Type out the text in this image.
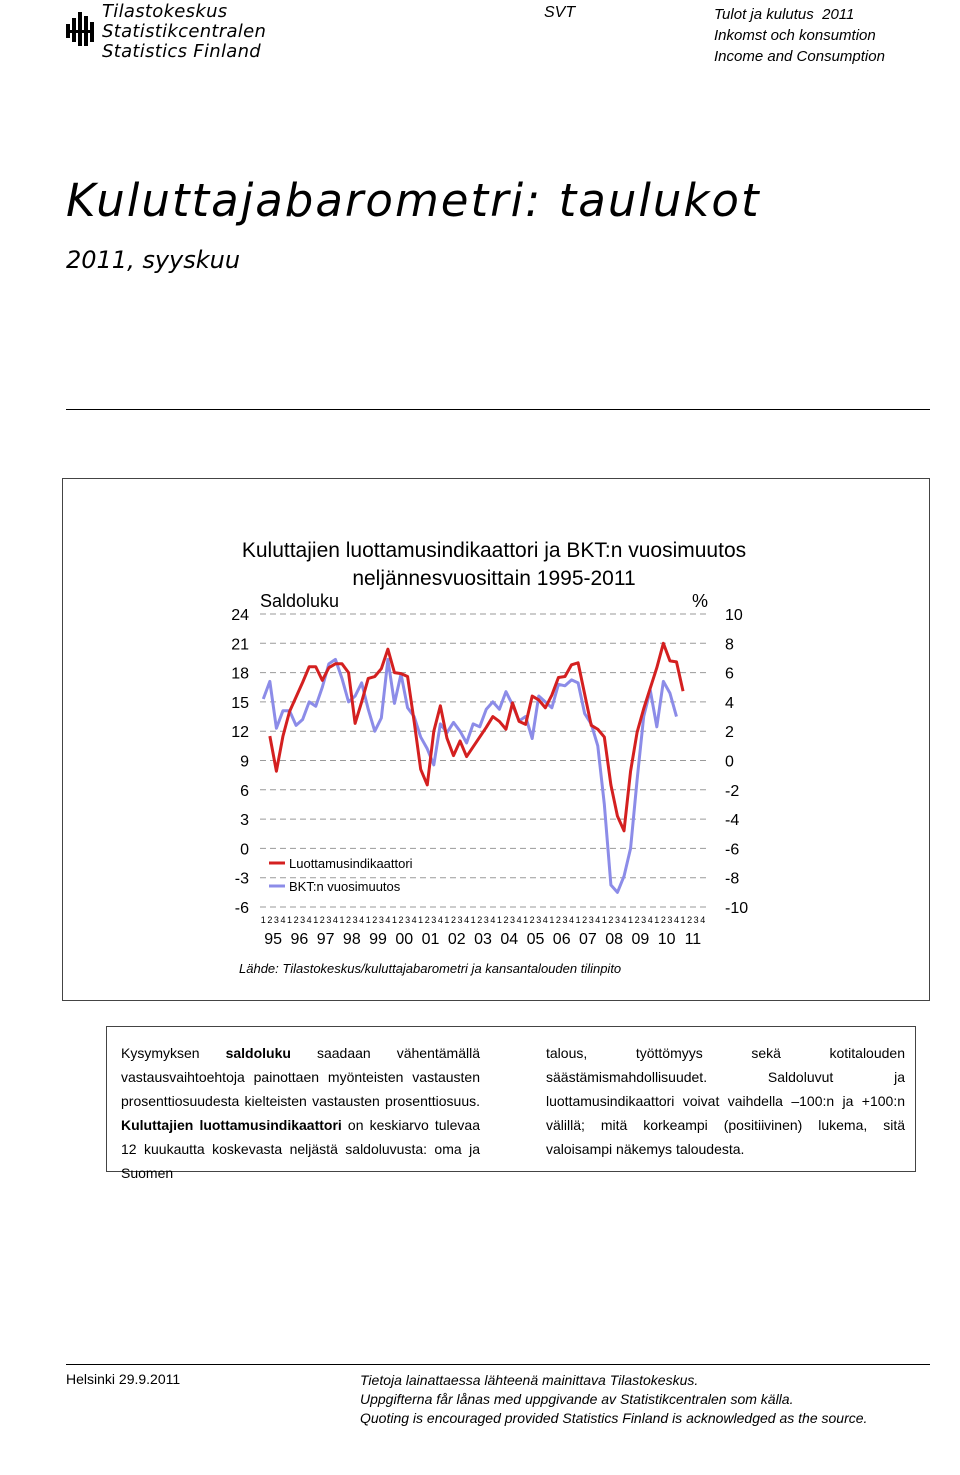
Tilastokeskus
Statistikcentralen
Statistics Finland
SVT	Tulot ja kulutus  2011
Inkomst och konsumtion
Income and Consumption
Kuluttajabarometri: taulukot
2011, syyskuu
Kuluttajien luottamusindikaattori ja BKT:n vuosimuutos
neljännesvuosittain 1995-2011
Saldoluku	%
24
21
18
15
12
9
6
3
0
-3
-6
10
8
6
4
2
0
-2
-4
-6
-8
-10
1 2 3 4 1 2 3 4 1 2 3 4 1 2 3 4 1 2 3 4 1 2 3 4 1 2 3 4 1 2 3 4 1 2 3 4 1 2 3 4 1 2 3 4 1 2 3 4 1 2 3 4 1 2 3 4 1 2 3 4 1 2 3 4 1 2 3 4
95 96 97 98 99 00 01 02 03 04 05 06 07 08 09 10 11
Luottamusindikaattori
BKT:n vuosimuutos
Lähde: Tilastokeskus/kuluttajabarometri ja kansantalouden tilinpito
Kysymyksen saldoluku saadaan vähentämällä vastausvaihtoehtoja painottaen myönteisten vastausten prosenttiosuudesta kielteisten vastausten prosenttiosuus. Kuluttajien luottamusindikaattori on keskiarvo tulevaa 12 kuukautta koskevasta neljästä saldoluvusta: oma ja Suomen
talous, työttömyys sekä kotitalouden säästämismahdollisuudet. Saldoluvut ja luottamusindikaattori voivat vaihdella –100:n ja +100:n välillä; mitä korkeampi (positiivinen) lukema, sitä valoisampi näkemys taloudesta.
Helsinki 29.9.2011	Tietoja lainattaessa lähteenä mainittava Tilastokeskus.
Uppgifterna får lånas med uppgivande av Statistikcentralen som källa.
Quoting is encouraged provided Statistics Finland is acknowledged as the source.
